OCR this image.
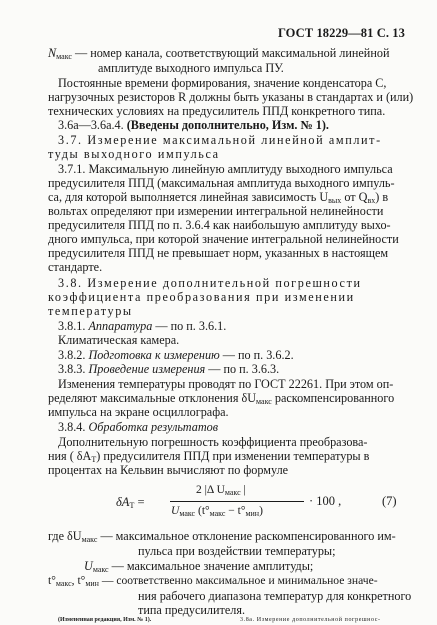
ГОСТ 18229—81 С. 13
$N_{макс}$ — номер канала, соответствующий максимальной линейной
амплитуде выходного импульса ПУ.
Постоянные времени формирования, значение конденсатора C,
нагрузочных резисторов R должны быть указаны в стандартах и (или)
технических условиях на предусилитель ППД конкретного типа.
3.6а—3.6а.4. (Введены дополнительно, Изм. № 1).
3.7. Измерение максимальной линейной амплит-
туды выходного импульса
3.7.1. Максимальную линейную амплитуду выходного импульса
предусилителя ППД (максимальная амплитуда выходного импуль-
са, для которой выполняется линейная зависимость $U_{вых}$ от $Q_{вх}$) в
вольтах определяют при измерении интегральной нелинейности
предусилителя ППД по п. 3.6.4 как наибольшую амплитуду выхо-
дного импульса, при которой значение интегральной нелинейности
предусилителя ППД не превышает норм, указанных в настоящем
стандарте.
3.8. Измерение дополнительной погрешности
коэффициента преобразования при изменении
температуры
3.8.1. Аппаратура — по п. 3.6.1.
Климатическая камера.
3.8.2. Подготовка к измерению — по п. 3.6.2.
3.8.3. Проведение измерения — по п. 3.6.3.
Изменения температуры проводят по ГОСТ 22261. При этом оп-
ределяют максимальные отклонения $\delta U_{макс}$ раскомпенсированного
импульса на экране осциллографа.
3.8.4. Обработка результатов
Дополнительную погрешность коэффициента преобразова-
ния ( $\delta A_T$) предусилителя ППД при изменении температуры в
процентах на Кельвин вычисляют по формуле
$\delta A_T$ =
2 |Δ $U_{макс}$ |
$U_{макс}$ $(t^\circ_{макс} - t^\circ_{мин})$
· 100 ,	(7)
где $\delta U_{макс}$ — максимальное отклонение раскомпенсированного им-
пульса при воздействии температуры;
$U_{макс}$ — максимальное значение амплитуды;
$t^\circ_{макс}$, $t^\circ_{мин}$ — соответственно максимальное и минимальное значе-
ния рабочего диапазона температур для конкретного
типа предусилителя.
(Измененная редакция, Изм. № 1).	3.8а. Измерение дополнительной погрешнос-
